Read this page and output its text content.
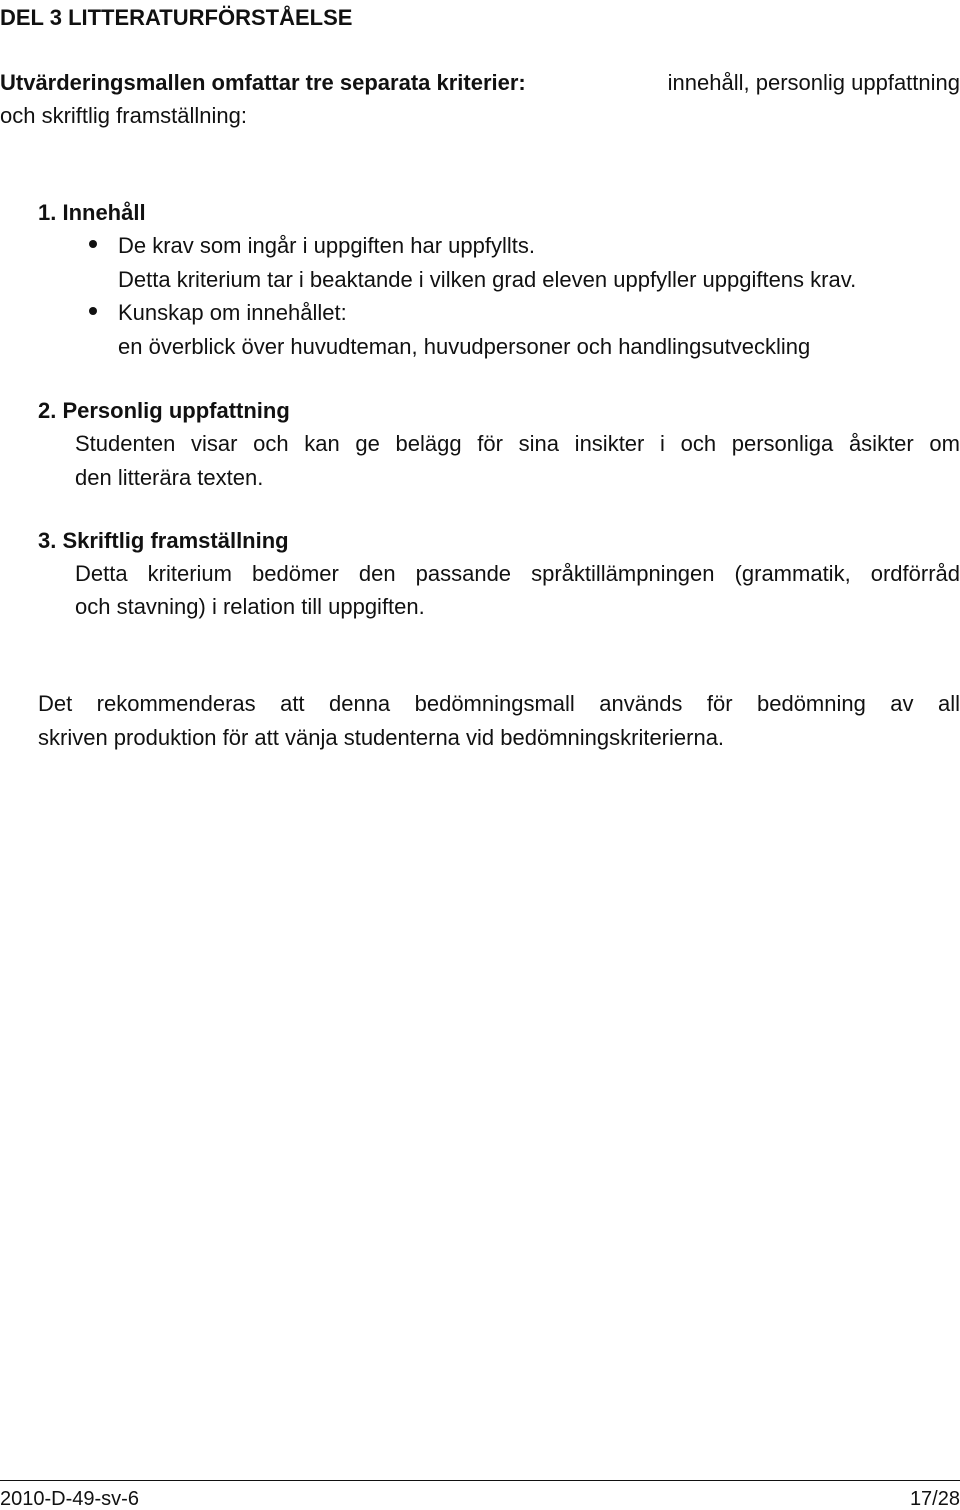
DEL 3 LITTERATURFÖRSTÅELSE
Utvärderingsmallen omfattar tre separata kriterier:	innehåll, personlig uppfattning
och skriftlig framställning:
1. Innehåll
De krav som ingår i uppgiften har uppfyllts.
Detta kriterium tar i beaktande i vilken grad eleven uppfyller uppgiftens krav.
Kunskap om innehållet:
en överblick över huvudteman, huvudpersoner och handlingsutveckling
2. Personlig uppfattning
Studenten visar och kan ge belägg för sina insikter i och personliga åsikter om
den litterära texten.
3. Skriftlig framställning
Detta kriterium bedömer den passande språktillämpningen (grammatik, ordförråd
och stavning) i relation till uppgiften.
Det rekommenderas att denna bedömningsmall används för bedömning av all
skriven produktion för att vänja studenterna vid bedömningskriterierna.
2010-D-49-sv-6	17/28
